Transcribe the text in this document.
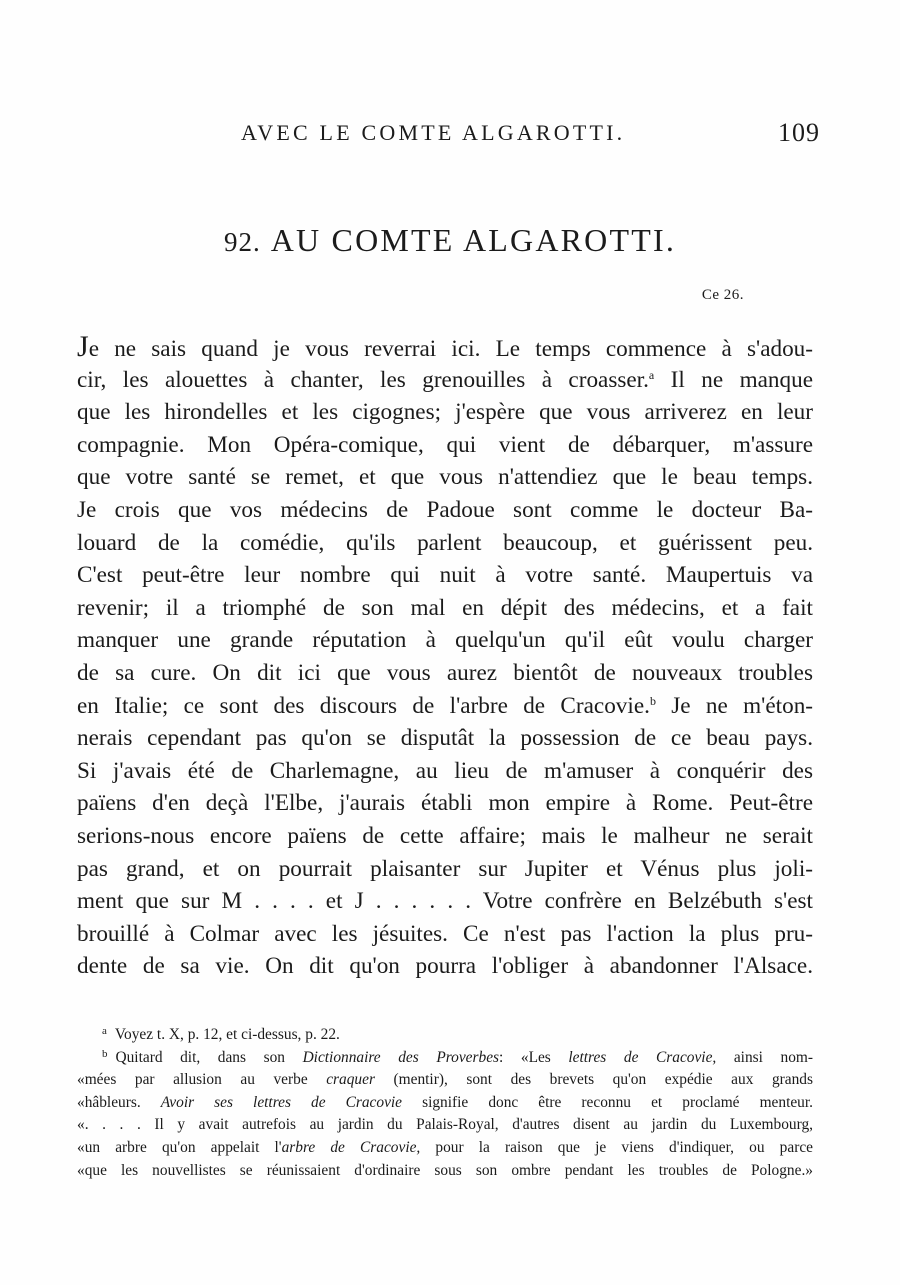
AVEC LE COMTE ALGAROTTI.	109
92. AU COMTE ALGAROTTI.
Ce 26.
Je ne sais quand je vous reverrai ici. Le temps commence à s'adou-
cir, les alouettes à chanter, les grenouilles à croasser.$^a$ Il ne manque
que les hirondelles et les cigognes; j'espère que vous arriverez en leur
compagnie. Mon Opéra-comique, qui vient de débarquer, m'assure
que votre santé se remet, et que vous n'attendiez que le beau temps.
Je crois que vos médecins de Padoue sont comme le docteur Ba-
louard de la comédie, qu'ils parlent beaucoup, et guérissent peu.
C'est peut-être leur nombre qui nuit à votre santé. Maupertuis va
revenir; il a triomphé de son mal en dépit des médecins, et a fait
manquer une grande réputation à quelqu'un qu'il eût voulu charger
de sa cure. On dit ici que vous aurez bientôt de nouveaux troubles
en Italie; ce sont des discours de l'arbre de Cracovie.$^b$ Je ne m'éton-
nerais cependant pas qu'on se disputât la possession de ce beau pays.
Si j'avais été de Charlemagne, au lieu de m'amuser à conquérir des
païens d'en deçà l'Elbe, j'aurais établi mon empire à Rome. Peut-être
serions-nous encore païens de cette affaire; mais le malheur ne serait
pas grand, et on pourrait plaisanter sur Jupiter et Vénus plus joli-
ment que sur M . . . . et J . . . . . . Votre confrère en Belzébuth s'est
brouillé à Colmar avec les jésuites. Ce n'est pas l'action la plus pru-
dente de sa vie. On dit qu'on pourra l'obliger à abandonner l'Alsace.
$^a$ Voyez t. X, p. 12, et ci-dessus, p. 22.
$^b$ Quitard dit, dans son Dictionnaire des Proverbes: «Les lettres de Cracovie, ainsi nom-
«mées par allusion au verbe craquer (mentir), sont des brevets qu'on expédie aux grands
«hâbleurs. Avoir ses lettres de Cracovie signifie donc être reconnu et proclamé menteur.
«. . . . Il y avait autrefois au jardin du Palais-Royal, d'autres disent au jardin du Luxembourg,
«un arbre qu'on appelait l'arbre de Cracovie, pour la raison que je viens d'indiquer, ou parce
«que les nouvellistes se réunissaient d'ordinaire sous son ombre pendant les troubles de Pologne.»
